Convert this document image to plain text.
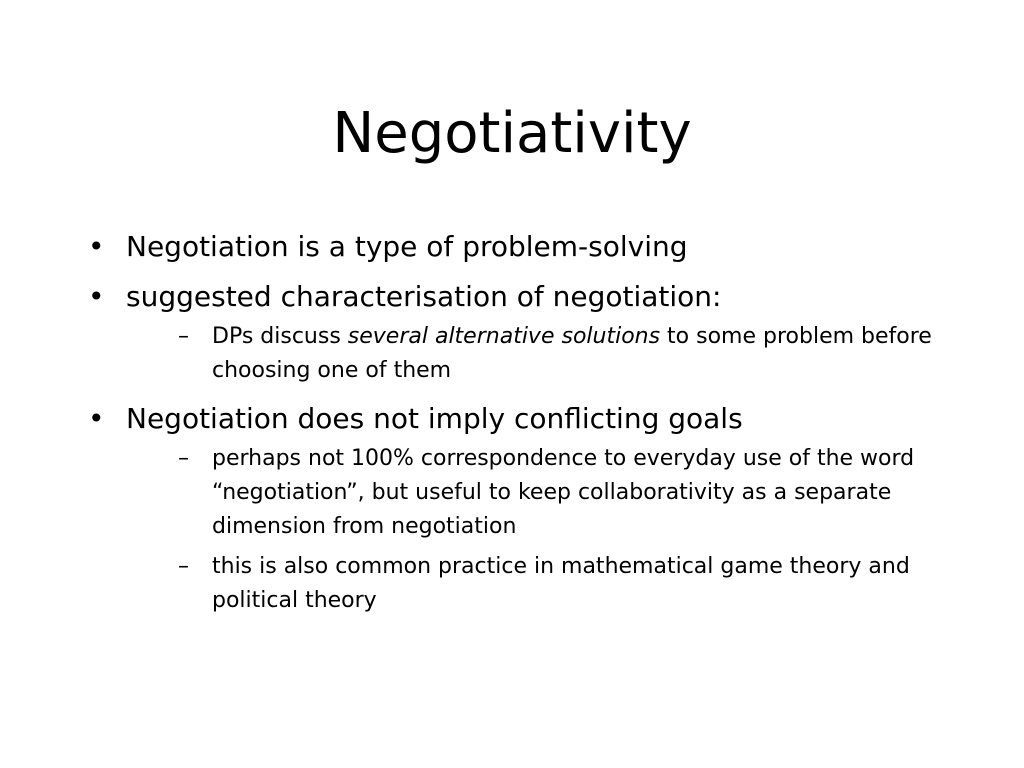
Negotiativity
• Negotiation is a type of problem-solving
• suggested characterisation of negotiation:
– DPs discuss several alternative solutions to some problem before choosing one of them
• Negotiation does not imply conflicting goals
– perhaps not 100% correspondence to everyday use of the word “negotiation”, but useful to keep collaborativity as a separate dimension from negotiation
– this is also common practice in mathematical game theory and political theory
